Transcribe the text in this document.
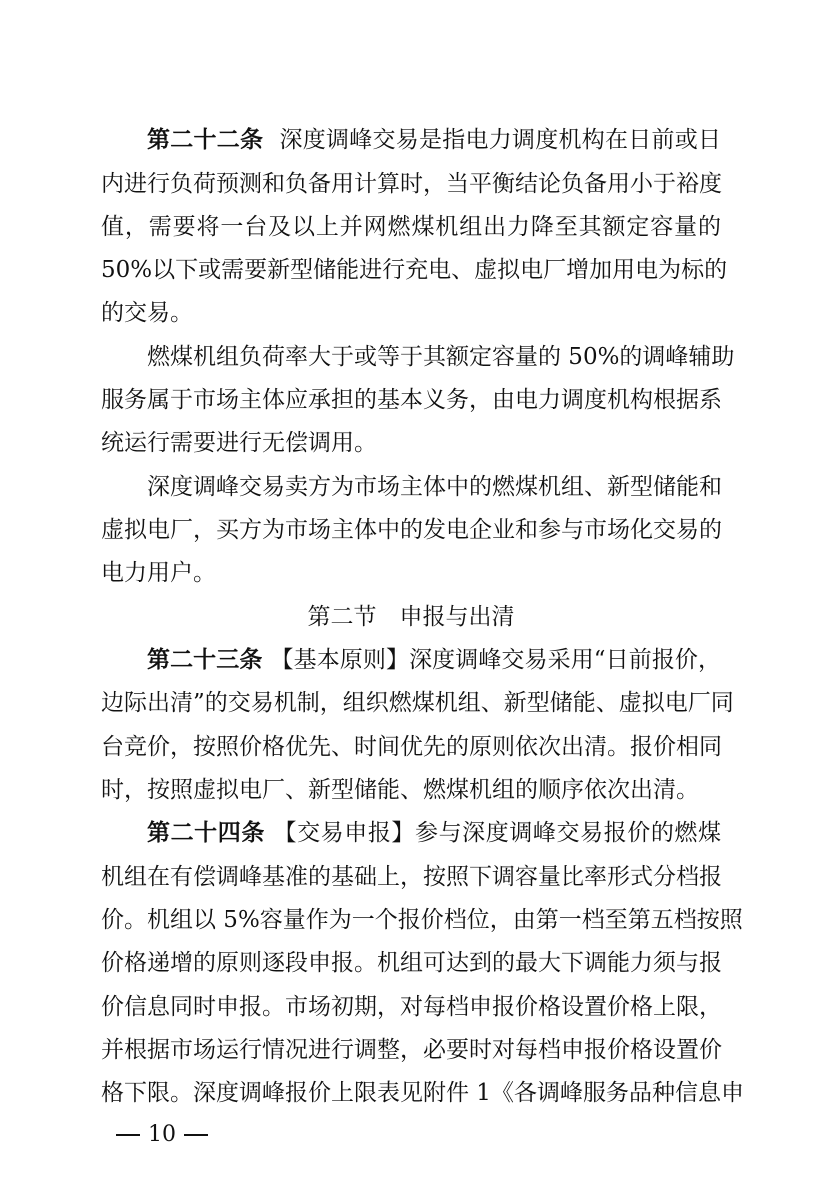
第二十二条 深度调峰交易是指电力调度机构在日前或日
内进行负荷预测和负备用计算时，当平衡结论负备用小于裕度
值，需要将一台及以上并网燃煤机组出力降至其额定容量的
50%以下或需要新型储能进行充电、虚拟电厂增加用电为标的
的交易。
燃煤机组负荷率大于或等于其额定容量的 50%的调峰辅助
服务属于市场主体应承担的基本义务，由电力调度机构根据系
统运行需要进行无偿调用。
深度调峰交易卖方为市场主体中的燃煤机组、新型储能和
虚拟电厂，买方为市场主体中的发电企业和参与市场化交易的
电力用户。
第二节　申报与出清
第二十三条 【基本原则】深度调峰交易采用“日前报价，
边际出清”的交易机制，组织燃煤机组、新型储能、虚拟电厂同
台竞价，按照价格优先、时间优先的原则依次出清。报价相同
时，按照虚拟电厂、新型储能、燃煤机组的顺序依次出清。
第二十四条 【交易申报】参与深度调峰交易报价的燃煤
机组在有偿调峰基准的基础上，按照下调容量比率形式分档报
价。机组以 5%容量作为一个报价档位，由第一档至第五档按照
价格递增的原则逐段申报。机组可达到的最大下调能力须与报
价信息同时申报。市场初期，对每档申报价格设置价格上限，
并根据市场运行情况进行调整，必要时对每档申报价格设置价
格下限。深度调峰报价上限表见附件 1《各调峰服务品种信息申
10
